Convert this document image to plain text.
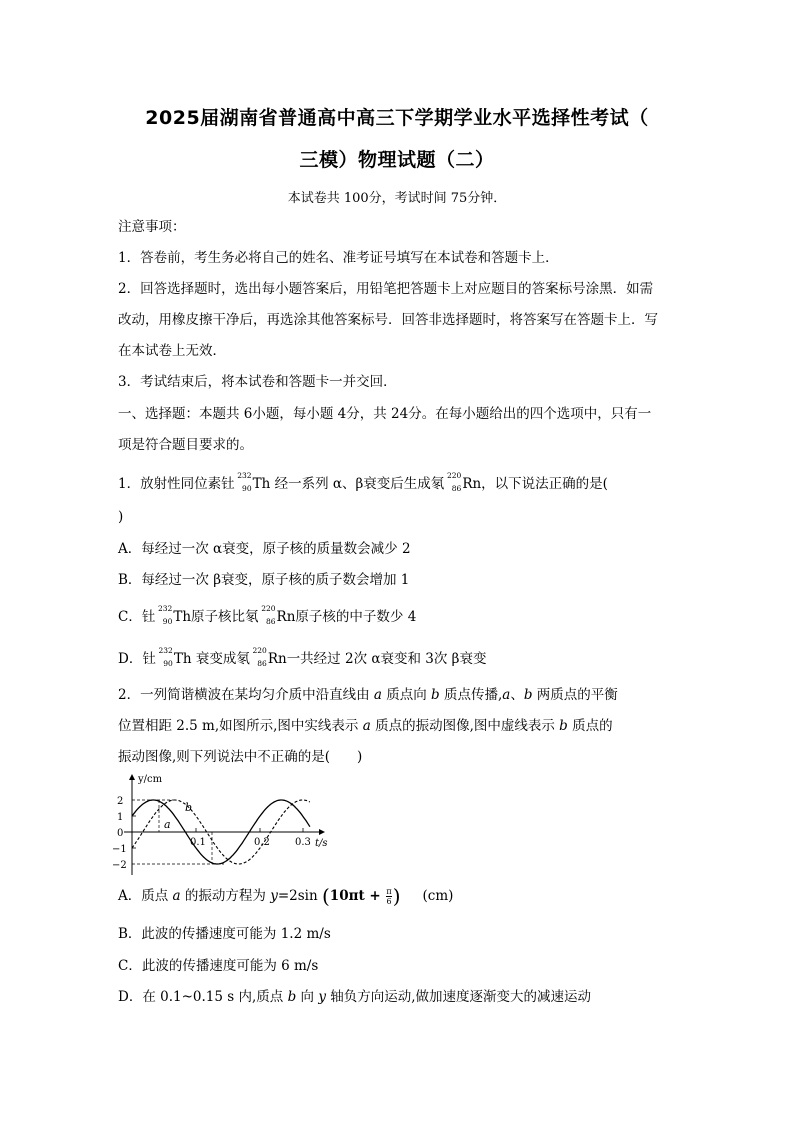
2025届湖南省普通高中高三下学期学业水平选择性考试（
三模）物理试题（二）
本试卷共 100分，考试时间 75分钟．
注意事项：
1．答卷前，考生务必将自己的姓名、准考证号填写在本试卷和答题卡上．
2．回答选择题时，选出每小题答案后，用铅笔把答题卡上对应题目的答案标号涂黑．如需
改动，用橡皮擦干净后，再选涂其他答案标号．回答非选择题时，将答案写在答题卡上．写
在本试卷上无效．
3．考试结束后，将本试卷和答题卡一并交回．
一、选择题：本题共 6小题，每小题 4分，共 24分。在每小题给出的四个选项中，只有一
项是符合题目要求的。
1．放射性同位素钍
232
90 Th 经一系列 α、β衰变后生成氡
220
86 Rn，以下说法正确的是(
)
A．每经过一次 α衰变，原子核的质量数会减少 2
B．每经过一次 β衰变，原子核的质子数会增加 1
C．钍
232
90 Th原子核比氡
220
86 Rn原子核的中子数少 4
D．钍
232
90 Th 衰变成氡
220
86 Rn一共经过 2次 α衰变和 3次 β衰变
2．一列简谐横波在某均匀介质中沿直线由 a 质点向 b 质点传播,a、b 两质点的平衡
位置相距 2.5 m,如图所示,图中实线表示 a 质点的振动图像,图中虚线表示 b 质点的
振动图像,则下列说法中不正确的是(　　)
y/cm
t/s
2
1
0
−1
−2
0.1	0.2	0.3
a
b
A．质点 a 的振动方程为 y=2sin ($10\pi t + \frac{\pi}{6}$ ) (cm)
B．此波的传播速度可能为 1.2 m/s
C．此波的传播速度可能为 6 m/s
D．在 0.1~0.15 s 内,质点 b 向 y 轴负方向运动,做加速度逐渐变大的减速运动
